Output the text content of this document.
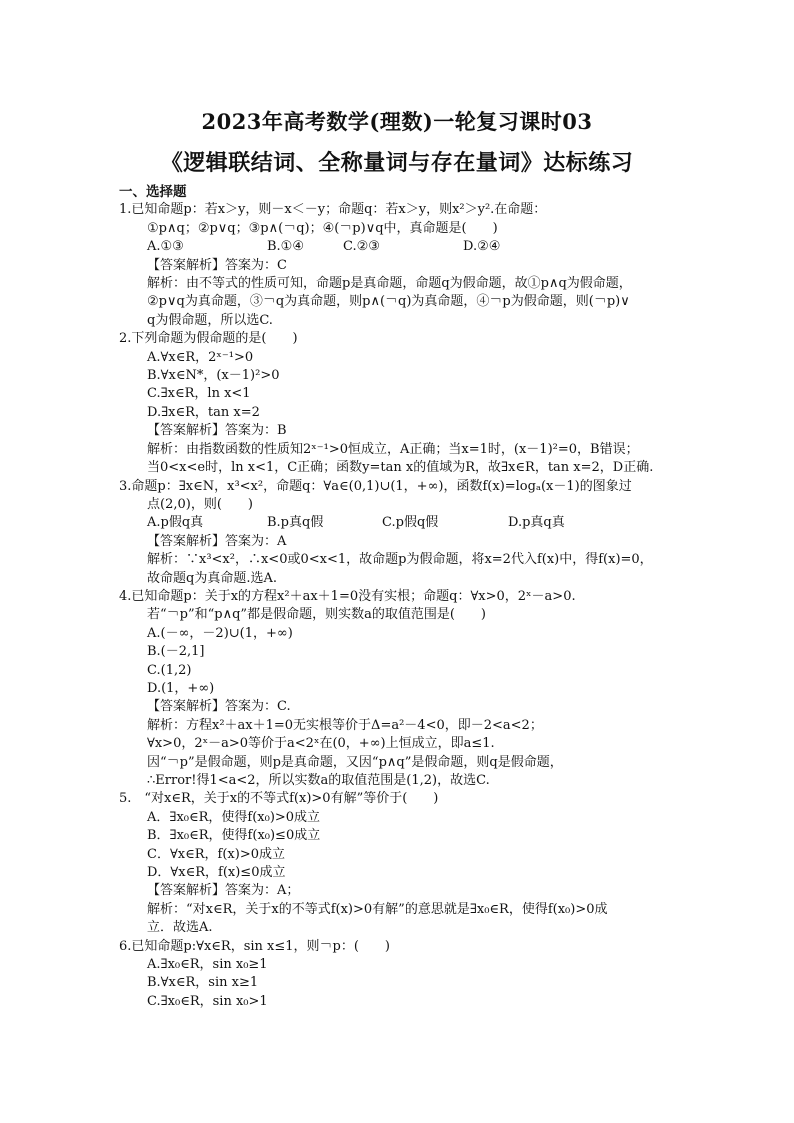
2023年高考数学(理数)一轮复习课时03
《逻辑联结词、全称量词与存在量词》达标练习
一、选择题
1.已知命题p：若x＞y，则－x＜－y；命题q：若x＞y，则x²＞y².在命题：
①p∧q；②p∨q；③p∧(￢q)；④(￢p)∨q中，真命题是(　　)
A.①③	B.①④	C.②③	D.②④
【答案解析】答案为：C
解析：由不等式的性质可知，命题p是真命题，命题q为假命题，故①p∧q为假命题，
②p∨q为真命题，③￢q为真命题，则p∧(￢q)为真命题，④￢p为假命题，则(￢p)∨
q为假命题，所以选C.
2.下列命题为假命题的是(　　)
A.∀x∈R，2ˣ⁻¹>0
B.∀x∈N*，(x－1)²>0
C.∃x∈R，ln x<1
D.∃x∈R，tan x=2
【答案解析】答案为：B
解析：由指数函数的性质知2ˣ⁻¹>0恒成立，A正确；当x=1时，(x－1)²=0，B错误；
当0<x<e时，ln x<1，C正确；函数y=tan x的值域为R，故∃x∈R，tan x=2，D正确.
3.命题p：∃x∈N，x³<x²，命题q：∀a∈(0,1)∪(1，+∞)，函数f(x)=logₐ(x－1)的图象过
点(2,0)，则(　　)
A.p假q真	B.p真q假	C.p假q假	D.p真q真
【答案解析】答案为：A
解析：∵x³<x²，∴x<0或0<x<1，故命题p为假命题，将x=2代入f(x)中，得f(x)=0，
故命题q为真命题.选A.
4.已知命题p：关于x的方程x²＋ax＋1=0没有实根；命题q：∀x>0，2ˣ－a>0.
若“￢p”和“p∧q”都是假命题，则实数a的取值范围是(　　)
A.(－∞，－2)∪(1，+∞)
B.(－2,1]
C.(1,2)
D.(1，+∞)
【答案解析】答案为：C.
解析：方程x²＋ax＋1=0无实根等价于Δ=a²－4<0，即－2<a<2；
∀x>0，2ˣ－a>0等价于a<2ˣ在(0，+∞)上恒成立，即a≤1.
因“￢p”是假命题，则p是真命题，又因“p∧q”是假命题，则q是假命题，
∴Error!得1<a<2，所以实数a的取值范围是(1,2)，故选C.
5.　“对x∈R，关于x的不等式f(x)>0有解”等价于(　　)
A．∃x₀∈R，使得f(x₀)>0成立
B．∃x₀∈R，使得f(x₀)≤0成立
C．∀x∈R，f(x)>0成立
D．∀x∈R，f(x)≤0成立
【答案解析】答案为：A；
解析：“对x∈R，关于x的不等式f(x)>0有解”的意思就是∃x₀∈R，使得f(x₀)>0成
立．故选A.
6.已知命题p:∀x∈R，sin x≤1，则￢p：(　　)
A.∃x₀∈R，sin x₀≥1
B.∀x∈R，sin x≥1
C.∃x₀∈R，sin x₀>1
